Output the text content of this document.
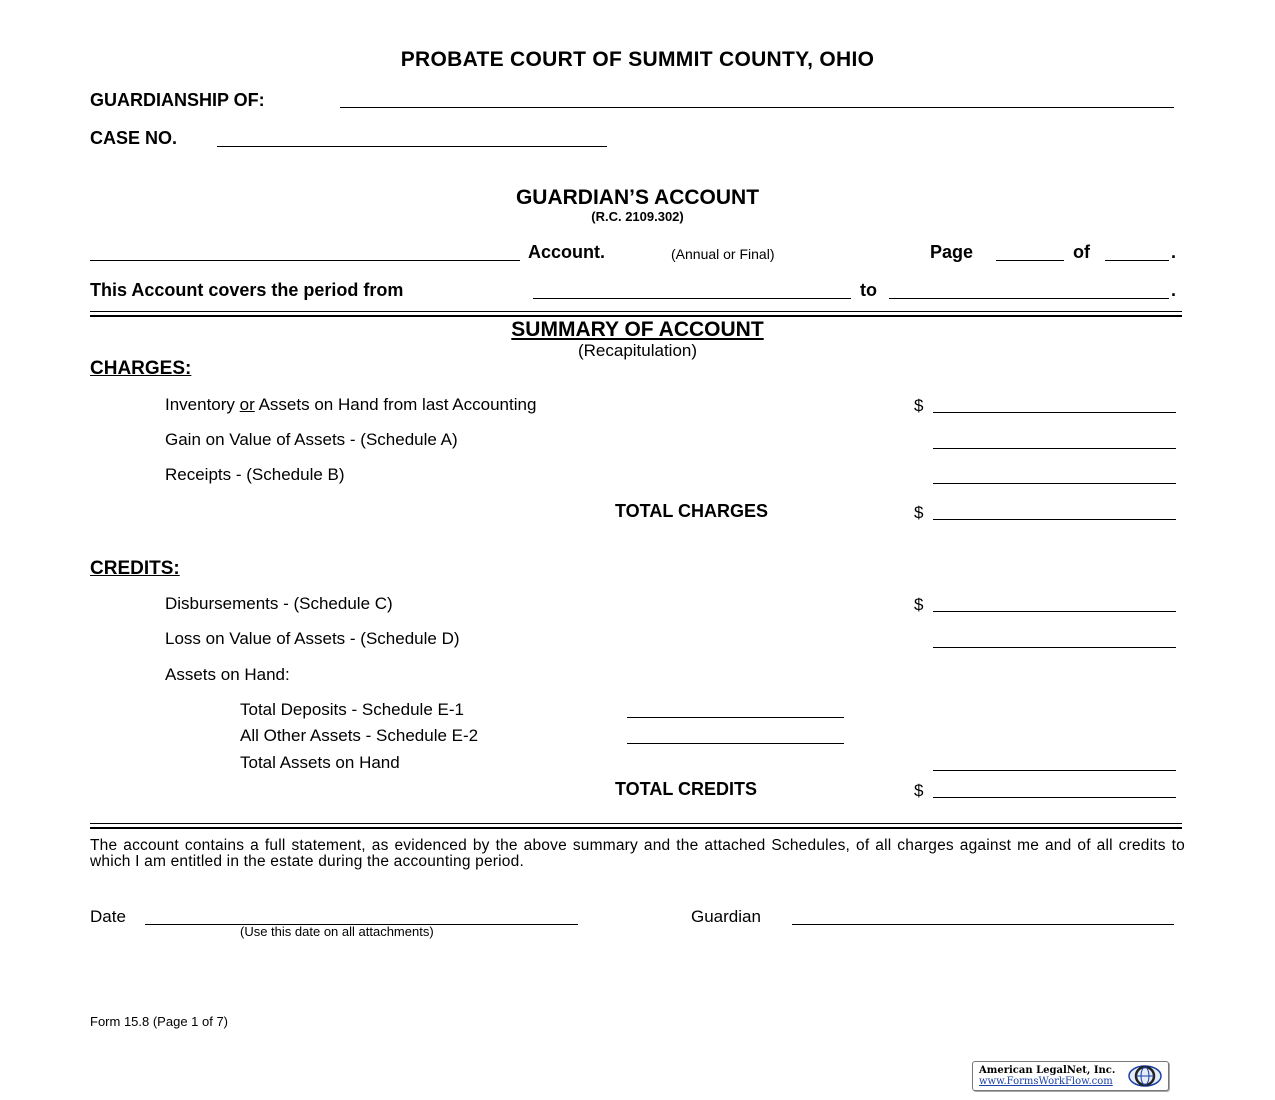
PROBATE COURT OF SUMMIT COUNTY, OHIO
GUARDIANSHIP OF:
CASE NO.
GUARDIAN’S ACCOUNT
(R.C. 2109.302)
Account.	(Annual or Final)	Page	of	.
This Account covers the period from	to	.
SUMMARY OF ACCOUNT
(Recapitulation)
CHARGES:
Inventory or Assets on Hand from last Accounting	$
Gain on Value of Assets - (Schedule A)
Receipts - (Schedule B)
TOTAL CHARGES	$
CREDITS:
Disbursements - (Schedule C)	$
Loss on Value of Assets - (Schedule D)
Assets on Hand:
Total Deposits - Schedule E-1
All Other Assets - Schedule E-2
Total Assets on Hand
TOTAL CREDITS	$
The account contains a full statement, as evidenced by the above summary and the attached Schedules, of all charges against me and of all credits to which I am entitled in the estate during the accounting period.
Date
(Use this date on all attachments)
Guardian
Form 15.8 (Page 1 of 7)
American LegalNet, Inc.
www.FormsWorkFlow.com
